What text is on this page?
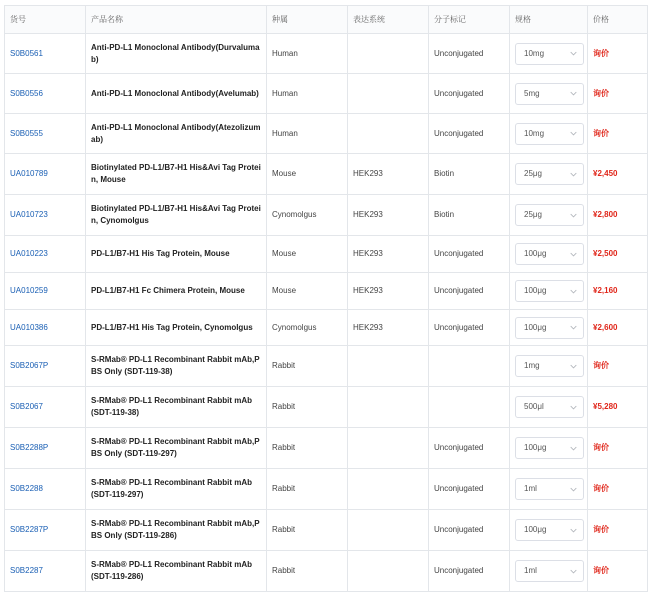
货号	产品名称	种属	表达系统	分子标记	规格	价格
S0B0561	Anti-PD-L1 Monoclonal Antibody(Durvalumab)	Human		Unconjugated	10mg	询价
S0B0556	Anti-PD-L1 Monoclonal Antibody(Avelumab)	Human		Unconjugated	5mg	询价
S0B0555	Anti-PD-L1 Monoclonal Antibody(Atezolizumab)	Human		Unconjugated	10mg	询价
UA010789	Biotinylated PD-L1/B7-H1 His&Avi Tag Protein, Mouse	Mouse	HEK293	Biotin	25μg	¥2,450
UA010723	Biotinylated PD-L1/B7-H1 His&Avi Tag Protein, Cynomolgus	Cynomolgus	HEK293	Biotin	25μg	¥2,800
UA010223	PD-L1/B7-H1 His Tag Protein, Mouse	Mouse	HEK293	Unconjugated	100μg	¥2,500
UA010259	PD-L1/B7-H1 Fc Chimera Protein, Mouse	Mouse	HEK293	Unconjugated	100μg	¥2,160
UA010386	PD-L1/B7-H1 His Tag Protein, Cynomolgus	Cynomolgus	HEK293	Unconjugated	100μg	¥2,600
S0B2067P	S-RMab® PD-L1 Recombinant Rabbit mAb,PBS Only (SDT-119-38)	Rabbit			1mg	询价
S0B2067	S-RMab® PD-L1 Recombinant Rabbit mAb (SDT-119-38)	Rabbit			500μl	¥5,280
S0B2288P	S-RMab® PD-L1 Recombinant Rabbit mAb,PBS Only (SDT-119-297)	Rabbit		Unconjugated	100μg	询价
S0B2288	S-RMab® PD-L1 Recombinant Rabbit mAb (SDT-119-297)	Rabbit		Unconjugated	1ml	询价
S0B2287P	S-RMab® PD-L1 Recombinant Rabbit mAb,PBS Only (SDT-119-286)	Rabbit		Unconjugated	100μg	询价
S0B2287	S-RMab® PD-L1 Recombinant Rabbit mAb (SDT-119-286)	Rabbit		Unconjugated	1ml	询价
